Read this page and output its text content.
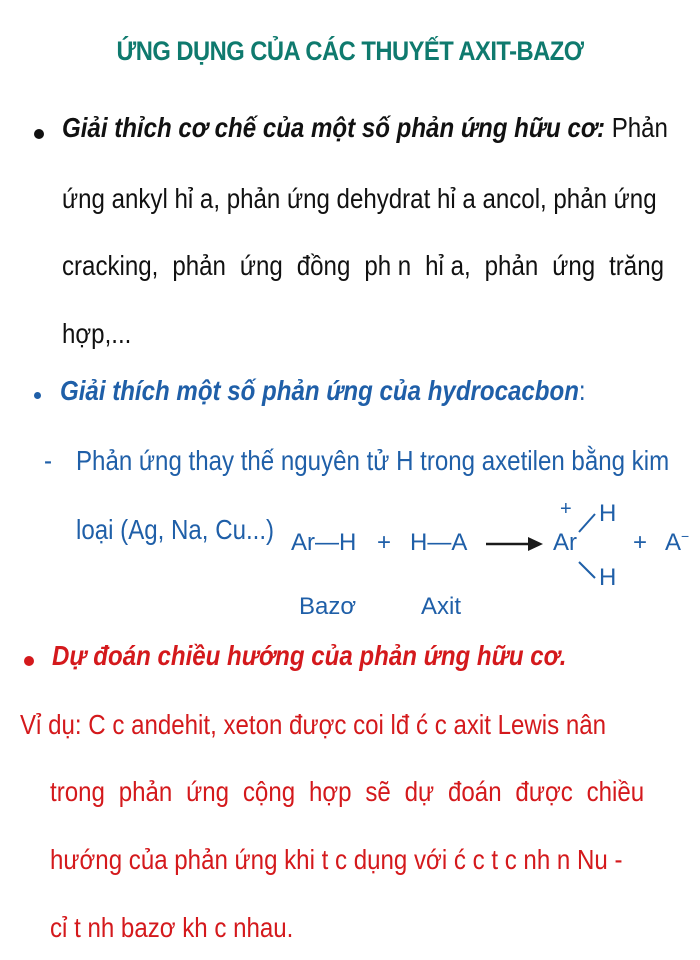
ỨNG DỤNG CỦA CÁC THUYẾT AXIT-BAZƠ
Giải thỉch cơ chế của một số phản ứng hữu cơ: Phản
ứng ankyl hỉ a, phản ứng dehydrat hỉ a ancol, phản ứng
cracking, phản ứng đồng ph n hỉ a, phản ứng trăng
hợp,...
Giải thích một số phản ứng của hydrocacbon:
- Phản ứng thay thế nguyên tử H trong axetilen bằng kim
loại (Ag, Na, Cu...) Ar—H + H—A → Ar
+ H
H
+ A −
Bazơ	Axit
Dự đoán chiều hướng của phản ứng hữu cơ.
Vỉ dụ: C c andehit, xeton được coi lđ ć c axit Lewis nân
trong phản ứng cộng hợp sẽ dự đoán được chiều
hướng của phản ứng khi t c dụng với ć c t c nh n Nu -
cỉ t nh bazơ kh c nhau.
